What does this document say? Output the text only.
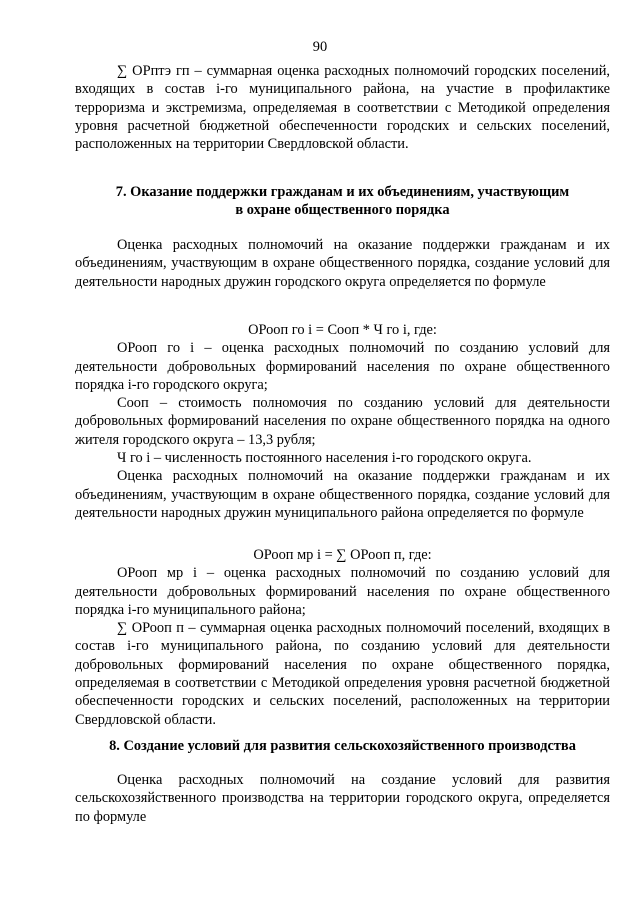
90

∑ ОРптэ гп – суммарная оценка расходных полномочий городских поселений, входящих в состав i-го муниципального района, на участие в профилактике терроризма и экстремизма, определяемая в соответствии с Методикой определения уровня расчетной бюджетной обеспеченности городских и сельских поселений, расположенных на территории Свердловской области.

7. Оказание поддержки гражданам и их объединениям, участвующим
в охране общественного порядка

Оценка расходных полномочий на оказание поддержки гражданам и их объединениям, участвующим в охране общественного порядка, создание условий для деятельности народных дружин городского округа определяется по формуле

ОРооп го i = Сооп * Ч го i, где:

ОРооп го i – оценка расходных полномочий по созданию условий для деятельности добровольных формирований населения по охране общественного порядка i-го городского округа;

Сооп – стоимость полномочия по созданию условий для деятельности добровольных формирований населения по охране общественного порядка на одного жителя городского округа – 13,3 рубля;

Ч го i – численность постоянного населения i-го городского округа.

Оценка расходных полномочий на оказание поддержки гражданам и их объединениям, участвующим в охране общественного порядка, создание условий для деятельности народных дружин муниципального района определяется по формуле

ОРооп мр i = ∑ ОРооп п, где:

ОРооп мр i – оценка расходных полномочий по созданию условий для деятельности добровольных формирований населения по охране общественного порядка i-го муниципального района;

∑ ОРооп п – суммарная оценка расходных полномочий поселений, входящих в состав i-го муниципального района, по созданию условий для деятельности добровольных формирований населения по охране общественного порядка, определяемая в соответствии с Методикой определения уровня расчетной бюджетной обеспеченности городских и сельских поселений, расположенных на территории Свердловской области.

8. Создание условий для развития сельскохозяйственного производства

Оценка расходных полномочий на создание условий для развития сельскохозяйственного производства на территории городского округа, определяется по формуле
